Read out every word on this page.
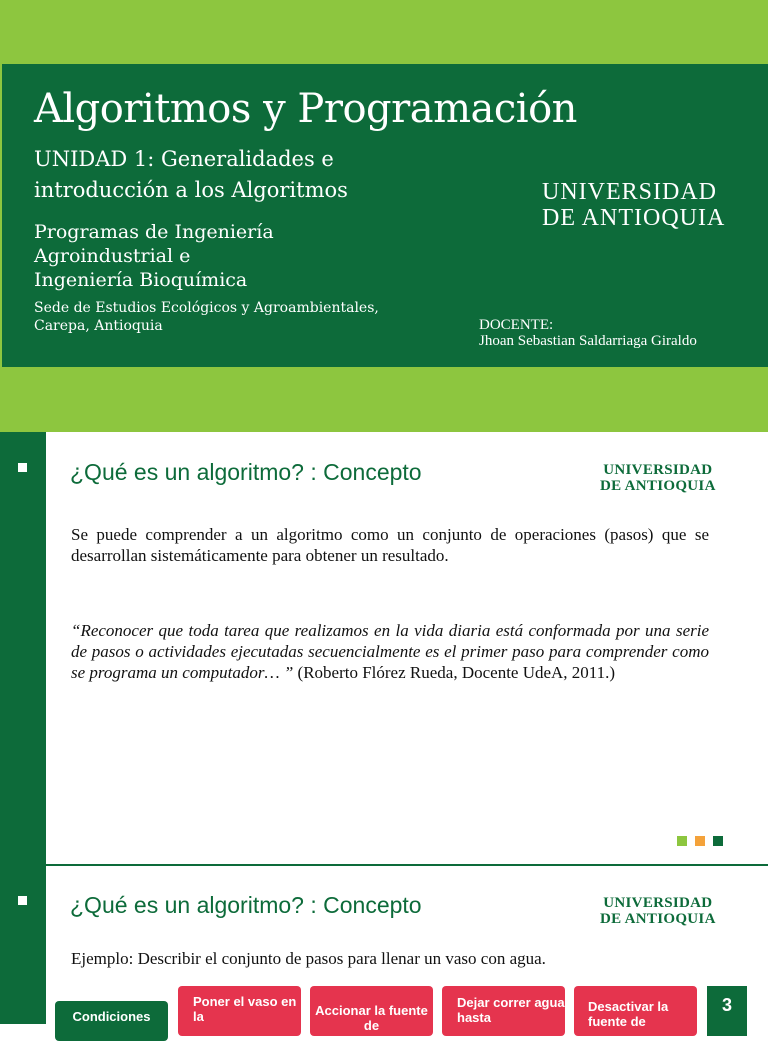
Algoritmos y Programación
UNIDAD 1: Generalidades e
introducción a los Algoritmos
Programas de Ingeniería
Agroindustrial e
Ingeniería Bioquímica
Sede de Estudios Ecológicos y Agroambientales,
Carepa, Antioquia
UNIVERSIDAD
DE ANTIOQUIA
DOCENTE:
Jhoan Sebastian Saldarriaga Giraldo
¿Qué es un algoritmo? : Concepto	UNIVERSIDAD
DE ANTIOQUIA
Se puede comprender a un algoritmo como un conjunto de operaciones (pasos) que se desarrollan sistemáticamente para obtener un resultado.
“Reconocer que toda tarea que realizamos en la vida diaria está conformada por una serie de pasos o actividades ejecutadas secuencialmente es el primer paso para comprender como se programa un computador… ” (Roberto Flórez Rueda, Docente UdeA, 2011.)
¿Qué es un algoritmo? : Concepto	UNIVERSIDAD
DE ANTIOQUIA
Ejemplo: Describir el conjunto de pasos para llenar un vaso con agua.
Condiciones
Poner el vaso en la	Accionar la fuente de
Dejar correr agua hasta
Desactivar la fuente de
3
